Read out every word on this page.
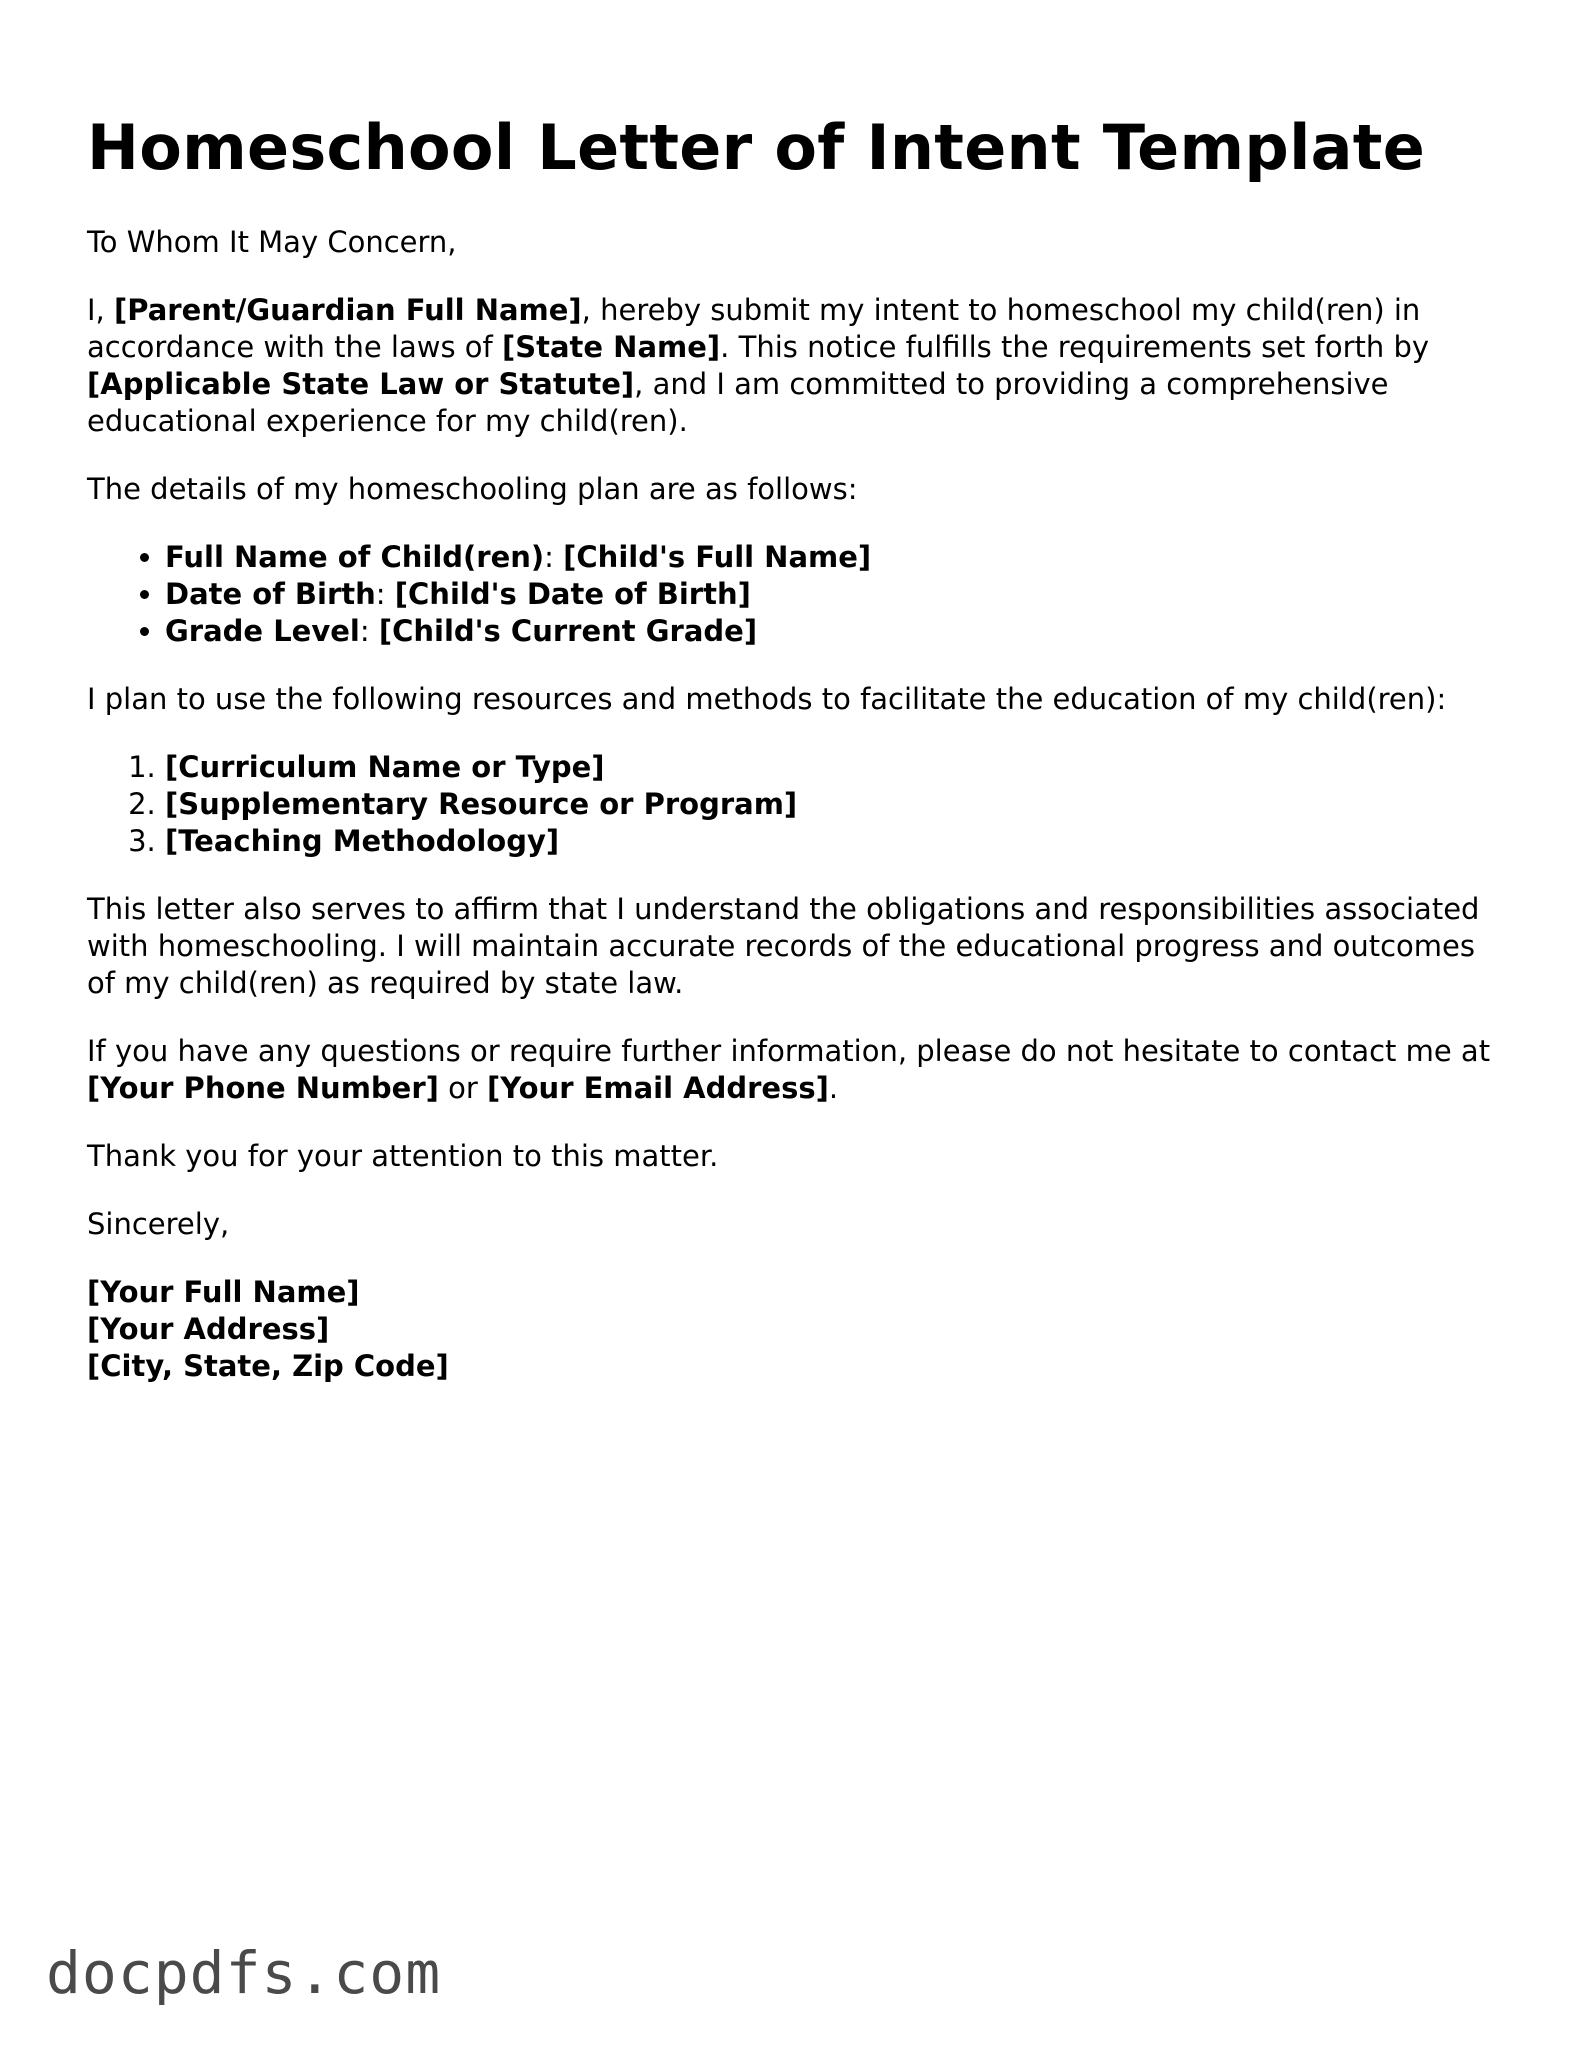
Homeschool Letter of Intent Template

To Whom It May Concern,

I, [Parent/Guardian Full Name], hereby submit my intent to homeschool my child(ren) in accordance with the laws of [State Name]. This notice fulfills the requirements set forth by [Applicable State Law or Statute], and I am committed to providing a comprehensive educational experience for my child(ren).

The details of my homeschooling plan are as follows:

• Full Name of Child(ren): [Child's Full Name]
• Date of Birth: [Child's Date of Birth]
• Grade Level: [Child's Current Grade]

I plan to use the following resources and methods to facilitate the education of my child(ren):

1. [Curriculum Name or Type]
2. [Supplementary Resource or Program]
3. [Teaching Methodology]

This letter also serves to affirm that I understand the obligations and responsibilities associated with homeschooling. I will maintain accurate records of the educational progress and outcomes of my child(ren) as required by state law.

If you have any questions or require further information, please do not hesitate to contact me at [Your Phone Number] or [Your Email Address].

Thank you for your attention to this matter.

Sincerely,

[Your Full Name]
[Your Address]
[City, State, Zip Code]
docpdfs.com
